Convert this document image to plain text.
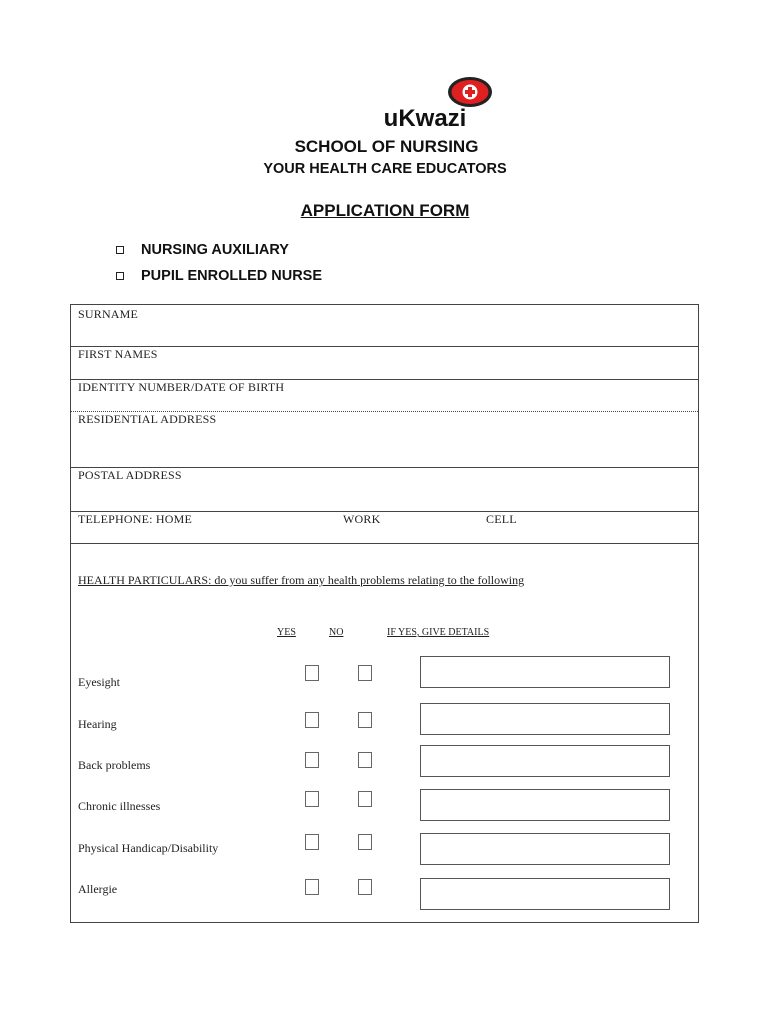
uKwazi
SCHOOL OF NURSING
YOUR HEALTH CARE EDUCATORS
APPLICATION FORM
NURSING AUXILIARY
PUPIL ENROLLED NURSE
SURNAME
FIRST NAMES
IDENTITY NUMBER/DATE OF BIRTH
RESIDENTIAL ADDRESS
POSTAL ADDRESS
TELEPHONE: HOME	WORK	CELL
HEALTH PARTICULARS: do you suffer from any health problems relating to the following
YES	NO	IF YES, GIVE DETAILS
Eyesight
Hearing
Back problems
Chronic illnesses
Physical Handicap/Disability
Allergie
